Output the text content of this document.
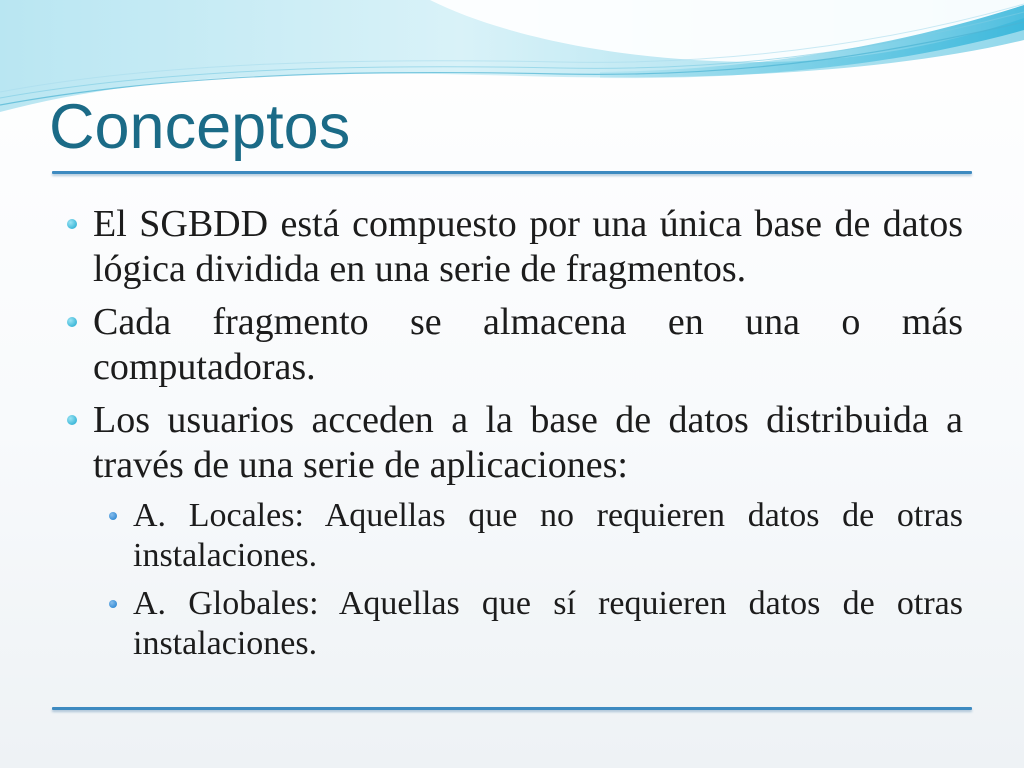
Conceptos
El SGBDD está compuesto por una única base de datos
lógica dividida en una serie de fragmentos.
Cada fragmento se almacena en una o más
computadoras.
Los usuarios acceden a la base de datos distribuida a
través de una serie de aplicaciones:
A. Locales: Aquellas que no requieren datos de otras
instalaciones.
A. Globales: Aquellas que sí requieren datos de otras
instalaciones.
